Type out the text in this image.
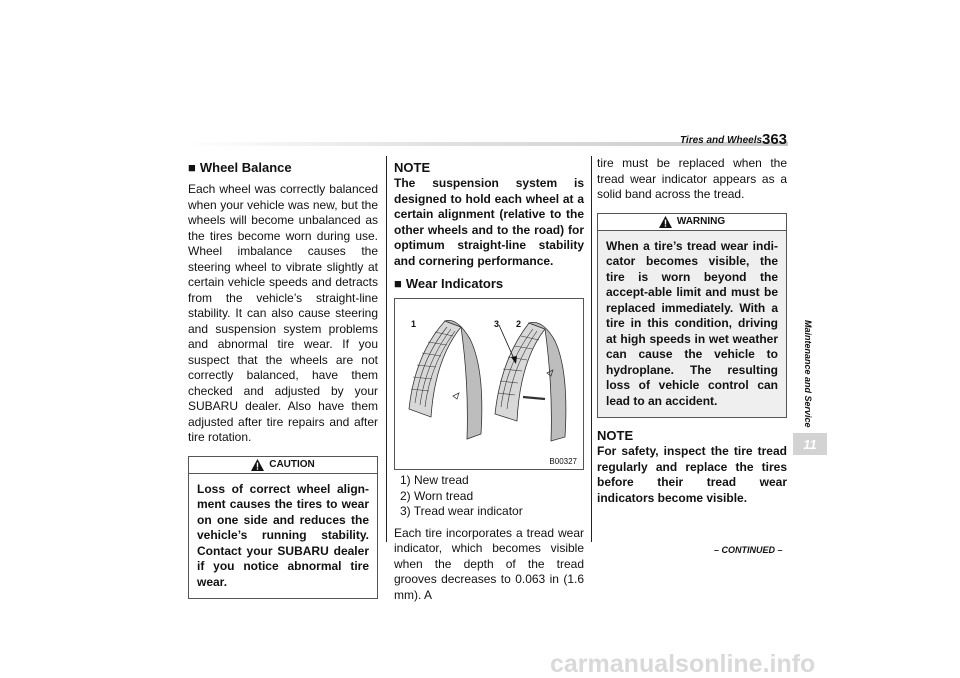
Tires and Wheels 363
■ Wheel Balance
Each wheel was correctly balanced when your vehicle was new, but the wheels will become unbalanced as the tires become worn during use. Wheel imbalance causes the steering wheel to vibrate slightly at certain vehicle speeds and detracts from the vehicle’s straight-line stability. It can also cause steering and suspension system problems and abnormal tire wear. If you suspect that the wheels are not correctly balanced, have them checked and adjusted by your SUBARU dealer. Also have them adjusted after tire repairs and after tire rotation.
CAUTION
Loss of correct wheel align-ment causes the tires to wear on one side and reduces the vehicle’s running stability. Contact your SUBARU dealer if you notice abnormal tire wear.
NOTE
The suspension system is designed to hold each wheel at a certain alignment (relative to the other wheels and to the road) for optimum straight-line stability and cornering performance.
■ Wear Indicators
1	3 2
B00327
1) New tread
2) Worn tread
3) Tread wear indicator
Each tire incorporates a tread wear indicator, which becomes visible when the depth of the tread grooves decreases to 0.063 in (1.6 mm). A
tire must be replaced when the tread wear indicator appears as a solid band across the tread.
WARNING
When a tire’s tread wear indi-cator becomes visible, the tire is worn beyond the accept-able limit and must be replaced immediately. With a tire in this condition, driving at high speeds in wet weather can cause the vehicle to hydroplane. The resulting loss of vehicle control can lead to an accident.
NOTE
For safety, inspect the tire tread regularly and replace the tires before their tread wear indicators become visible.
Maintenance and Service
11
– CONTINUED –
carmanualsonline.info
